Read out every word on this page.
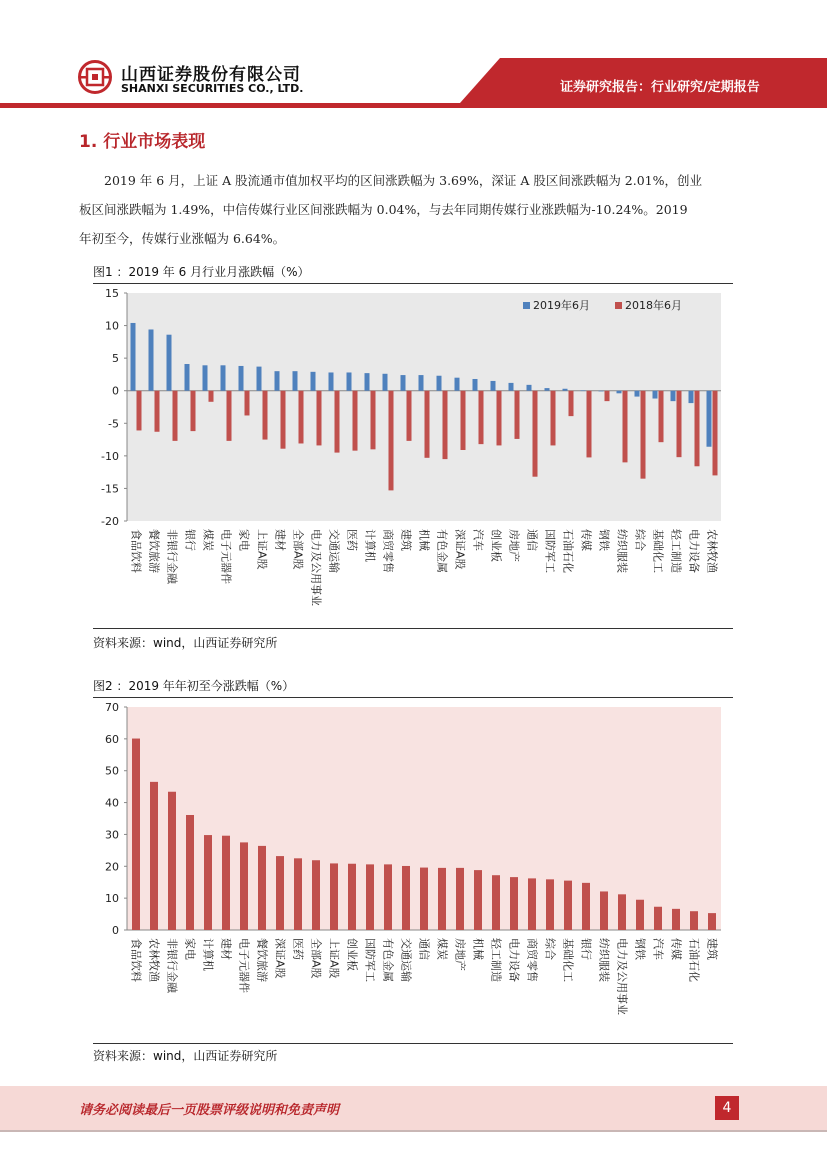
山西证券股份有限公司
SHANXI SECURITIES CO., LTD.	证券研究报告：行业研究/定期报告
1. 行业市场表现
2019 年 6 月，上证 A 股流通市值加权平均的区间涨跌幅为 3.69%，深证 A 股区间涨跌幅为 2.01%，创业
板区间涨跌幅为 1.49%，中信传媒行业区间涨跌幅为 0.04%，与去年同期传媒行业涨跌幅为-10.24%。2019
年初至今，传媒行业涨幅为 6.64%。
图1 ：2019 年 6 月行业月涨跌幅（%）
-20
-15
-10
-5
0
5
10
15
食品饮料 餐饮旅游 非银行金融 银行 煤炭 电子元器件 家电 上证A股 建材 全部A股 电力及公用事业 交通运输 医药 计算机 商贸零售 建筑 机械 有色金属 深证A股 汽车 创业板 房地产 通信 国防军工 石油石化 传媒 钢铁 纺织服装 综合 基础化工 轻工制造 电力设备 农林牧渔
2019年6月	2018年6月
资料来源：wind，山西证券研究所
图2 ：2019 年年初至今涨跌幅（%）
0
10
20
30
40
50
60
70
食品饮料 农林牧渔 非银行金融 家电 计算机 建材 电子元器件 餐饮旅游 深证A股 医药 全部A股 上证A股 创业板 国防军工 有色金属 交通运输 通信 煤炭 房地产 机械 轻工制造 电力设备 商贸零售 综合 基础化工 银行 纺织服装 电力及公用事业 钢铁 汽车 传媒 石油石化 建筑
资料来源：wind，山西证券研究所
请务必阅读最后一页股票评级说明和免责声明	4
